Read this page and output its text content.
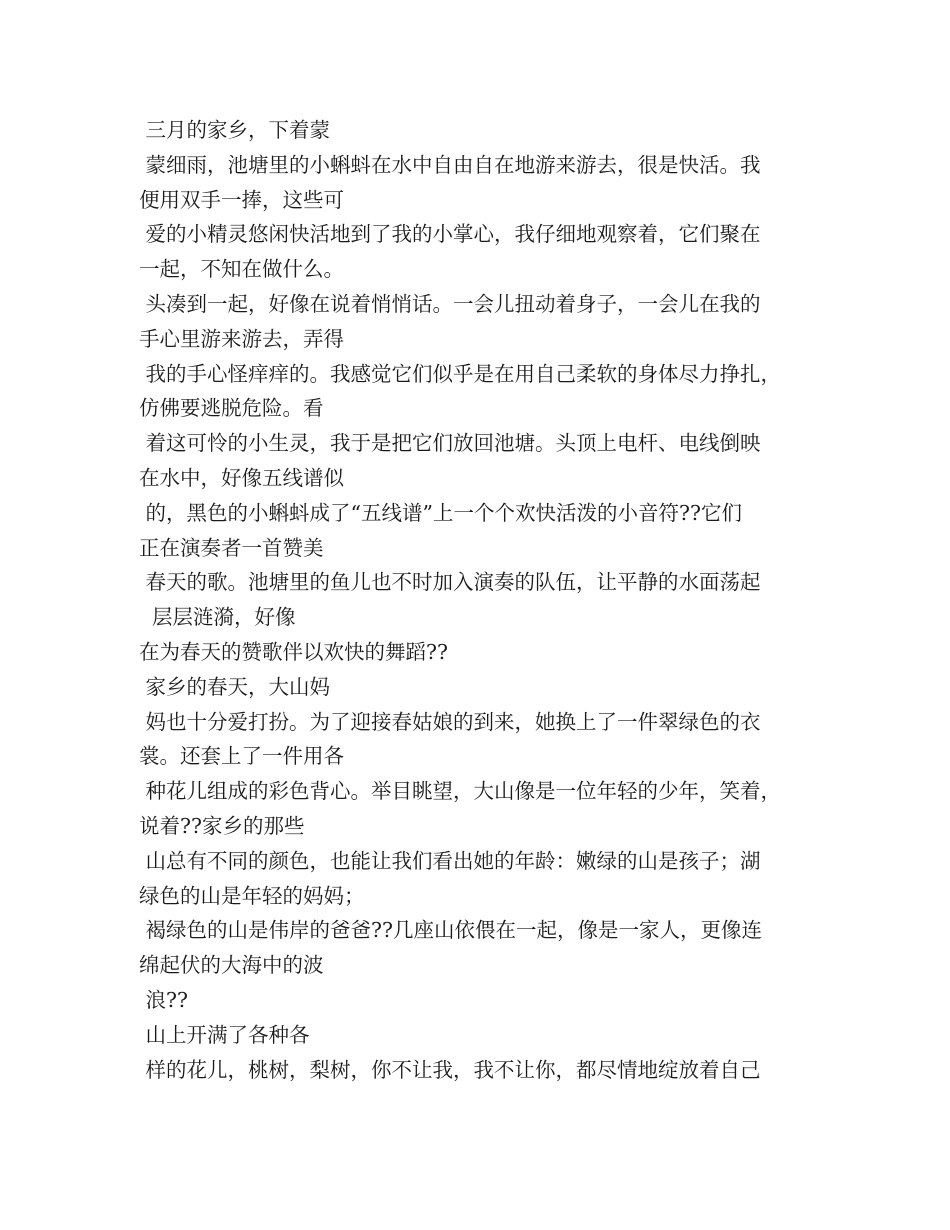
三月的家乡，下着蒙
蒙细雨，池塘里的小蝌蚪在水中自由自在地游来游去，很是快活。我
便用双手一捧，这些可
爱的小精灵悠闲快活地到了我的小掌心，我仔细地观察着，它们聚在
一起，不知在做什么。
头凑到一起，好像在说着悄悄话。一会儿扭动着身子，一会儿在我的
手心里游来游去，弄得
我的手心怪痒痒的。我感觉它们似乎是在用自己柔软的身体尽力挣扎，
仿佛要逃脱危险。看
着这可怜的小生灵，我于是把它们放回池塘。头顶上电杆、电线倒映
在水中，好像五线谱似
的，黑色的小蝌蚪成了“五线谱”上一个个欢快活泼的小音符??它们
正在演奏者一首赞美
春天的歌。池塘里的鱼儿也不时加入演奏的队伍，让平静的水面荡起
层层涟漪，好像
在为春天的赞歌伴以欢快的舞蹈??
家乡的春天，大山妈
妈也十分爱打扮。为了迎接春姑娘的到来，她换上了一件翠绿色的衣
裳。还套上了一件用各
种花儿组成的彩色背心。举目眺望，大山像是一位年轻的少年，笑着，
说着??家乡的那些
山总有不同的颜色，也能让我们看出她的年龄：嫩绿的山是孩子；湖
绿色的山是年轻的妈妈；
褐绿色的山是伟岸的爸爸??几座山依偎在一起，像是一家人，更像连
绵起伏的大海中的波
浪??
山上开满了各种各
样的花儿，桃树，梨树，你不让我，我不让你，都尽情地绽放着自己
